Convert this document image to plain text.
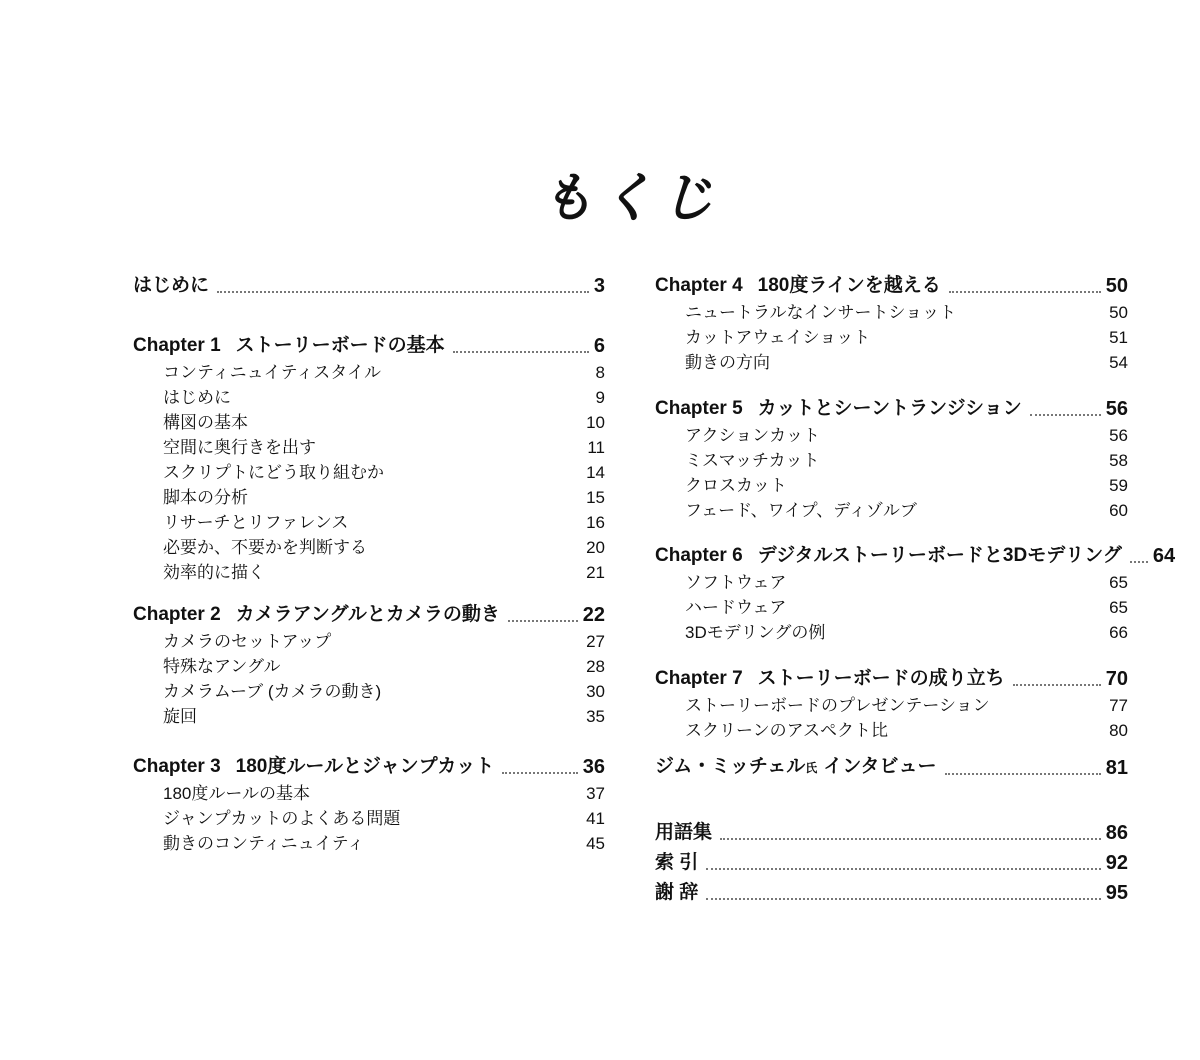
もくじ
はじめに	3
Chapter 1 ストーリーボードの基本	6
コンティニュイティスタイル	8
はじめに	9
構図の基本	10
空間に奥行きを出す	11
スクリプトにどう取り組むか	14
脚本の分析	15
リサーチとリファレンス	16
必要か、不要かを判断する	20
効率的に描く	21
Chapter 2 カメラアングルとカメラの動き	22
カメラのセットアップ	27
特殊なアングル	28
カメラムーブ (カメラの動き)	30
旋回	35
Chapter 3 180度ルールとジャンプカット	36
180度ルールの基本	37
ジャンプカットのよくある問題	41
動きのコンティニュイティ	45
Chapter 4 180度ラインを越える	50
ニュートラルなインサートショット	50
カットアウェイショット	51
動きの方向	54
Chapter 5 カットとシーントランジション	56
アクションカット	56
ミスマッチカット	58
クロスカット	59
フェード、ワイプ、ディゾルブ	60
Chapter 6 デジタルストーリーボードと3Dモデリング 64
ソフトウェア	65
ハードウェア	65
3Dモデリングの例	66
Chapter 7 ストーリーボードの成り立ち	70
ストーリーボードのプレゼンテーション	77
スクリーンのアスペクト比	80
ジム・ミッチェル氏 インタビュー	81
用語集	86
索 引	92
謝 辞	95
